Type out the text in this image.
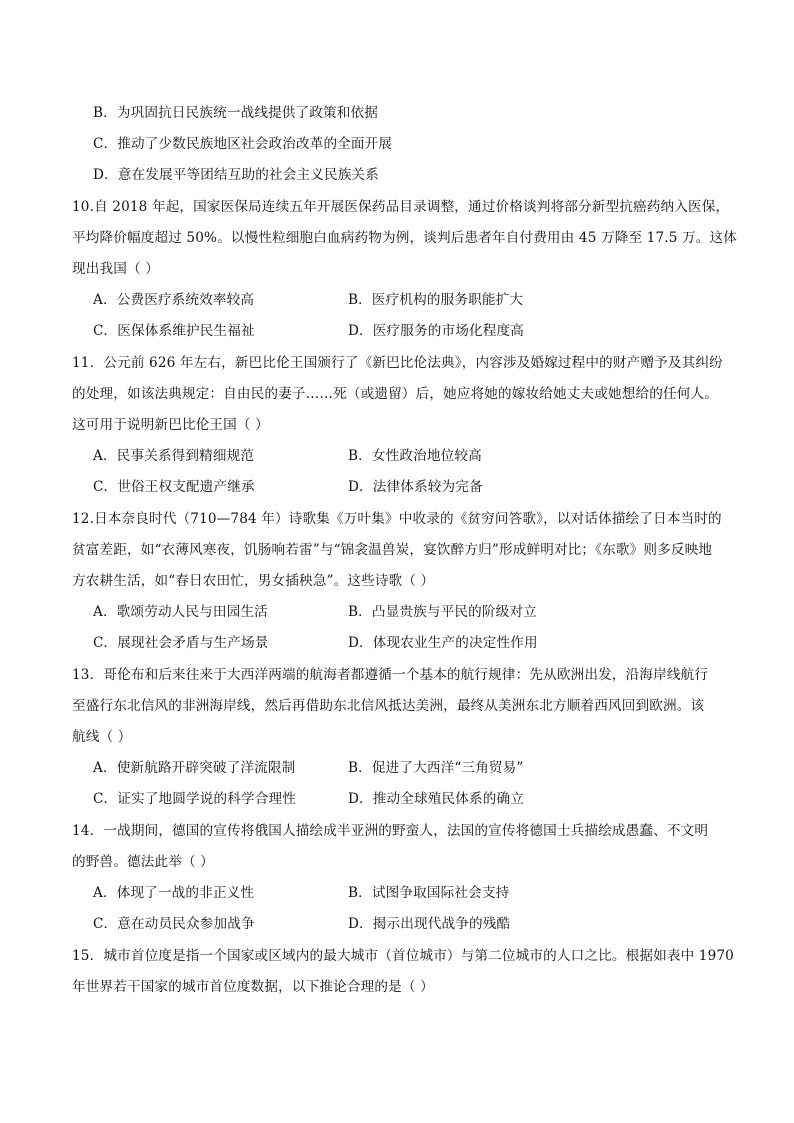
B．为巩固抗日民族统一战线提供了政策和依据
C．推动了少数民族地区社会政治改革的全面开展
D．意在发展平等团结互助的社会主义民族关系
10.自 2018 年起，国家医保局连续五年开展医保药品目录调整，通过价格谈判将部分新型抗癌药纳入医保，
平均降价幅度超过 50%。以慢性粒细胞白血病药物为例，谈判后患者年自付费用由 45 万降至 17.5 万。这体
现出我国（ ）
A．公费医疗系统效率较高	B．医疗机构的服务职能扩大
C．医保体系维护民生福祉	D．医疗服务的市场化程度高
11．公元前 626 年左右，新巴比伦王国颁行了《新巴比伦法典》，内容涉及婚嫁过程中的财产赠予及其纠纷
的处理，如该法典规定：自由民的妻子……死（或遗留）后，她应将她的嫁妆给她丈夫或她想给的任何人。
这可用于说明新巴比伦王国（ ）
A．民事关系得到精细规范	B．女性政治地位较高
C．世俗王权支配遗产继承	D．法律体系较为完备
12.日本奈良时代（710—784 年）诗歌集《万叶集》中收录的《贫穷问答歌》，以对话体描绘了日本当时的
贫富差距，如“衣薄风寒夜，饥肠响若雷”与“锦衾温兽炭，宴饮醉方归”形成鲜明对比；《东歌》则多反映地
方农耕生活，如“春日农田忙，男女插秧急”。这些诗歌（ ）
A．歌颂劳动人民与田园生活	B．凸显贵族与平民的阶级对立
C．展现社会矛盾与生产场景	D．体现农业生产的决定性作用
13．哥伦布和后来往来于大西洋两端的航海者都遵循一个基本的航行规律：先从欧洲出发，沿海岸线航行
至盛行东北信风的非洲海岸线，然后再借助东北信风抵达美洲，最终从美洲东北方顺着西风回到欧洲。该
航线（ ）
A．使新航路开辟突破了洋流限制	B．促进了大西洋“三角贸易”
C．证实了地圆学说的科学合理性	D．推动全球殖民体系的确立
14．一战期间，德国的宣传将俄国人描绘成半亚洲的野蛮人，法国的宣传将德国士兵描绘成愚蠢、不文明
的野兽。德法此举（ ）
A．体现了一战的非正义性	B．试图争取国际社会支持
C．意在动员民众参加战争	D．揭示出现代战争的残酷
15．城市首位度是指一个国家或区域内的最大城市（首位城市）与第二位城市的人口之比。根据如表中 1970
年世界若干国家的城市首位度数据，以下推论合理的是（ ）
